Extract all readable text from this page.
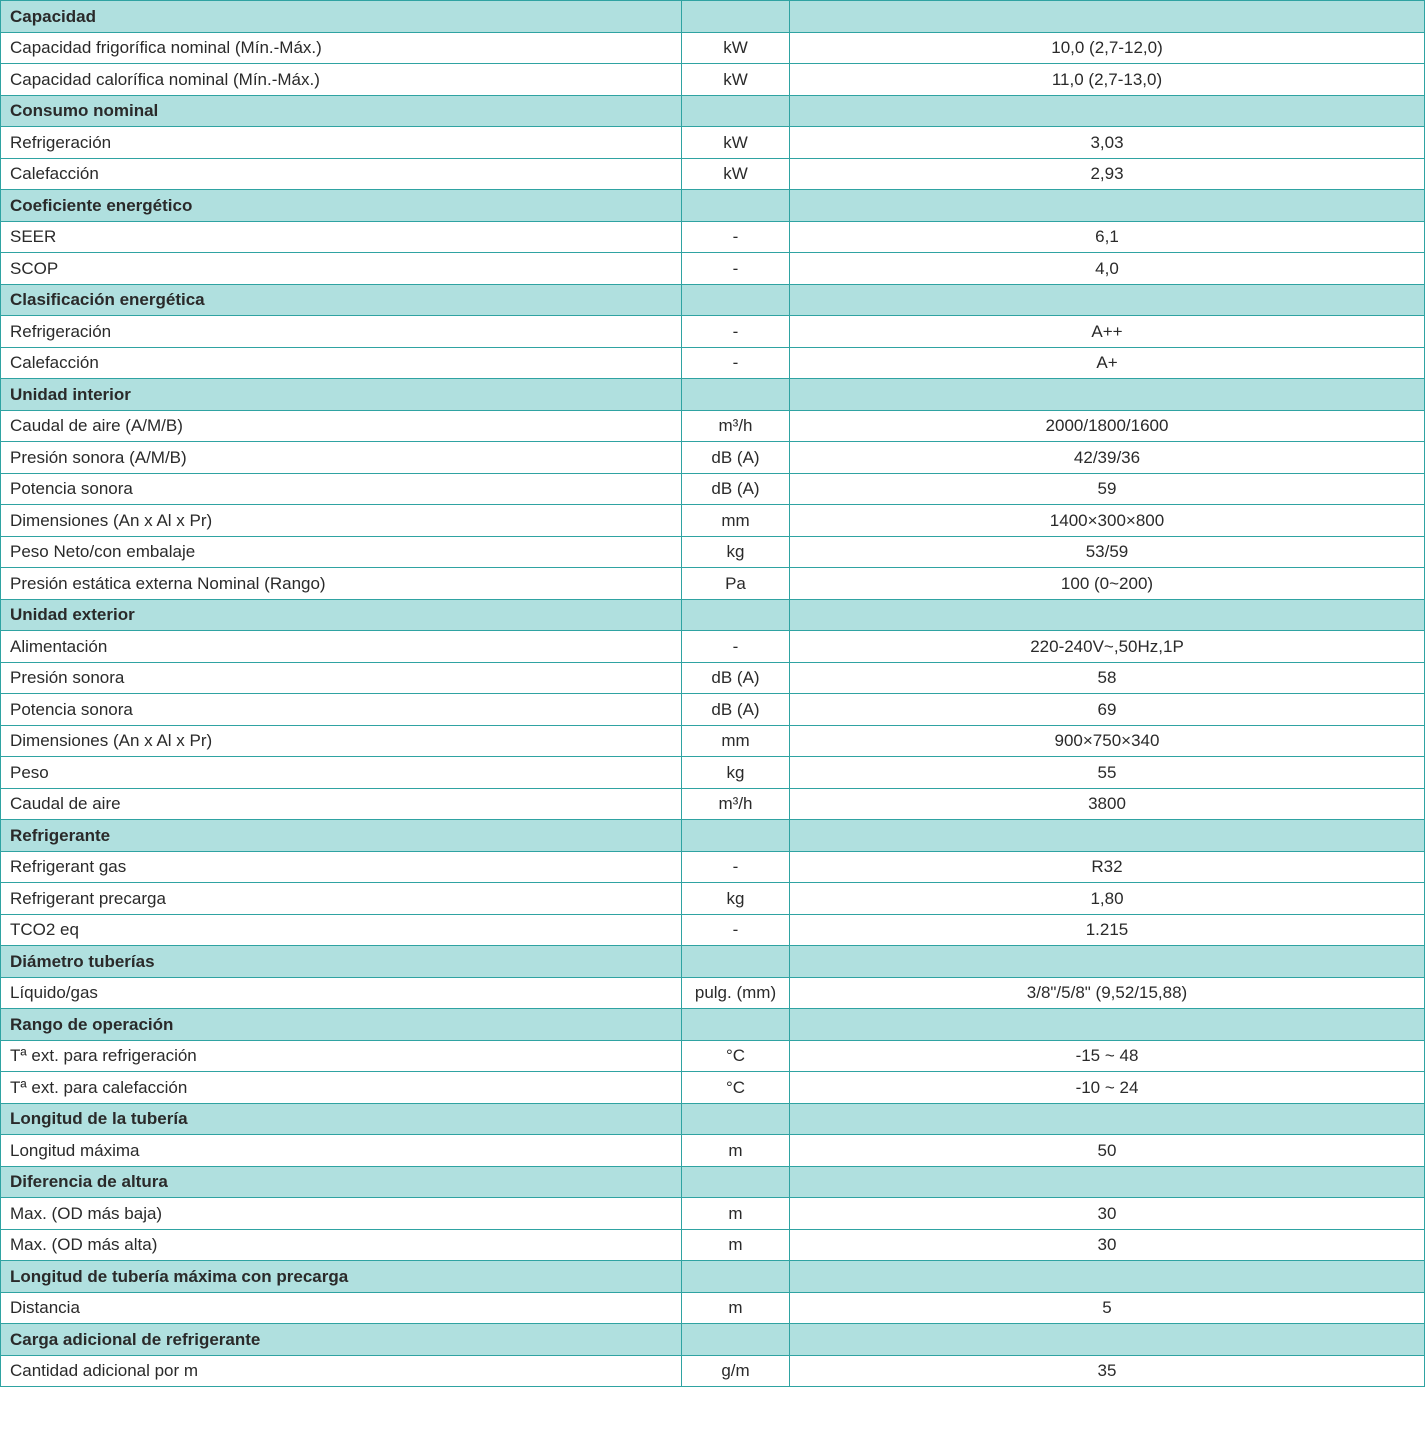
Capacidad		
Capacidad frigorífica nominal (Mín.-Máx.)	kW	10,0 (2,7-12,0)
Capacidad calorífica nominal (Mín.-Máx.)	kW	11,0 (2,7-13,0)
Consumo nominal		
Refrigeración	kW	3,03
Calefacción	kW	2,93
Coeficiente energético		
SEER	-	6,1
SCOP	-	4,0
Clasificación energética		
Refrigeración	-	A++
Calefacción	-	A+
Unidad interior		
Caudal de aire (A/M/B)	m³/h	2000/1800/1600
Presión sonora (A/M/B)	dB (A)	42/39/36
Potencia sonora	dB (A)	59
Dimensiones (An x Al x Pr)	mm	1400×300×800
Peso Neto/con embalaje	kg	53/59
Presión estática externa Nominal (Rango)	Pa	100 (0~200)
Unidad exterior		
Alimentación	-	220-240V~,50Hz,1P
Presión sonora	dB (A)	58
Potencia sonora	dB (A)	69
Dimensiones (An x Al x Pr)	mm	900×750×340
Peso	kg	55
Caudal de aire	m³/h	3800
Refrigerante		
Refrigerant gas	-	R32
Refrigerant precarga	kg	1,80
TCO2 eq	-	1.215
Diámetro tuberías		
Líquido/gas	pulg. (mm)	3/8"/5/8" (9,52/15,88)
Rango de operación		
Tª ext. para refrigeración	°C	-15 ~ 48
Tª ext. para calefacción	°C	-10 ~ 24
Longitud de la tubería		
Longitud máxima	m	50
Diferencia de altura		
Max. (OD más baja)	m	30
Max. (OD más alta)	m	30
Longitud de tubería máxima con precarga		
Distancia	m	5
Carga adicional de refrigerante		
Cantidad adicional por m	g/m	35
